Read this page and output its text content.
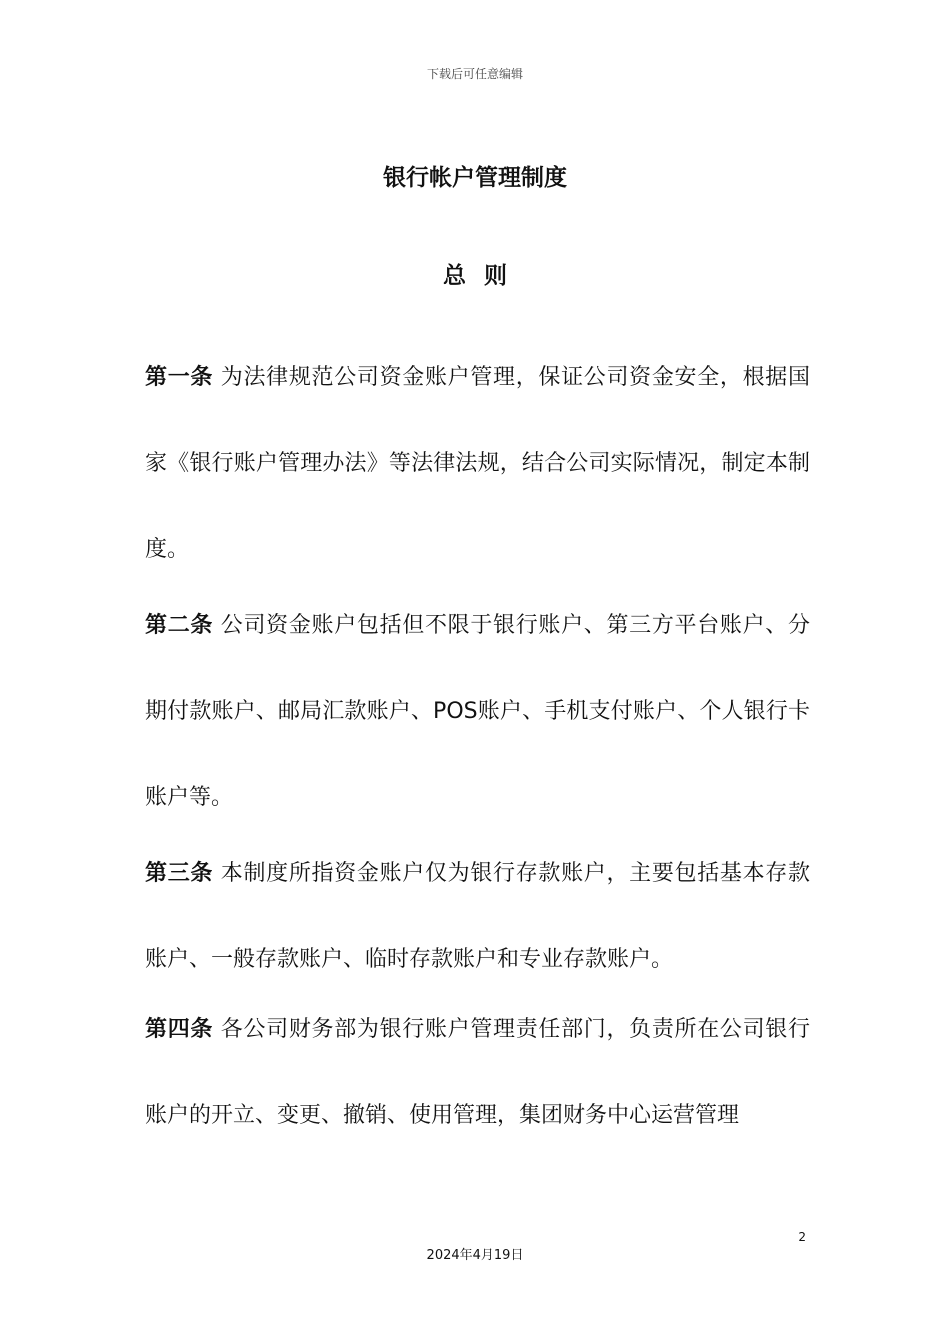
下载后可任意编辑
银行帐户管理制度
总则

第一条 为法律规范公司资金账户管理，保证公司资金安全，根据国家《银行账户管理办法》等法律法规，结合公司实际情况，制定本制度。

第二条 公司资金账户包括但不限于银行账户、第三方平台账户、分期付款账户、邮局汇款账户、POS账户、手机支付账户、个人银行卡账户等。

第三条 本制度所指资金账户仅为银行存款账户，主要包括基本存款账户、一般存款账户、临时存款账户和专业存款账户。

第四条 各公司财务部为银行账户管理责任部门，负责所在公司银行账户的开立、变更、撤销、使用管理，集团财务中心运营管理

2
2024年4月19日
